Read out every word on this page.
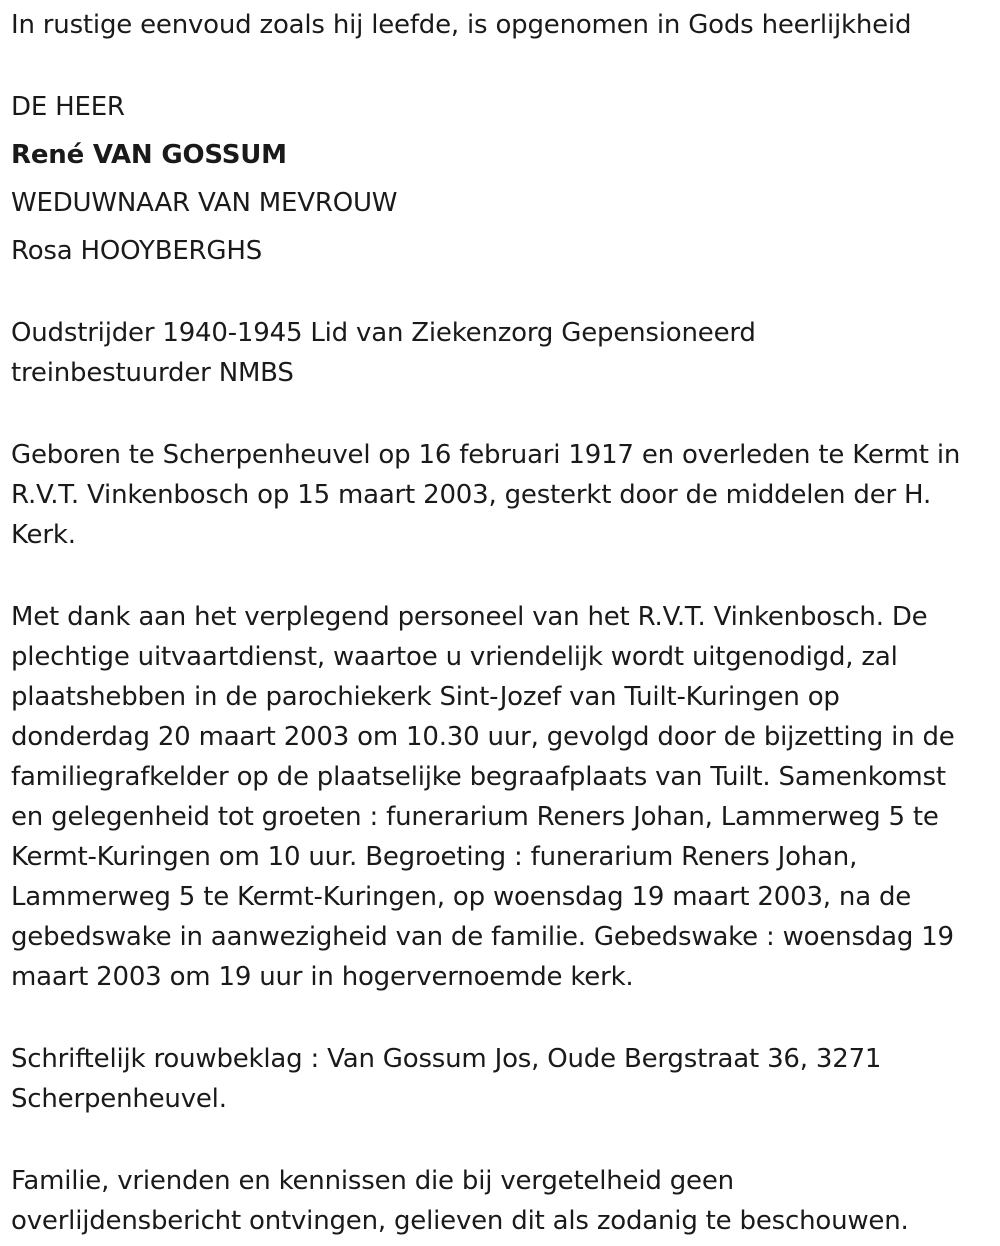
In rustige eenvoud zoals hij leefde, is opgenomen in Gods heerlijkheid

DE HEER

René VAN GOSSUM

WEDUWNAAR VAN MEVROUW

Rosa HOOYBERGHS

Oudstrijder 1940-1945 Lid van Ziekenzorg Gepensioneerd

treinbestuurder NMBS

Geboren te Scherpenheuvel op 16 februari 1917 en overleden te Kermt in

R.V.T. Vinkenbosch op 15 maart 2003, gesterkt door de middelen der H.

Kerk.

Met dank aan het verplegend personeel van het R.V.T. Vinkenbosch. De

plechtige uitvaartdienst, waartoe u vriendelijk wordt uitgenodigd, zal

plaatshebben in de parochiekerk Sint-Jozef van Tuilt-Kuringen op

donderdag 20 maart 2003 om 10.30 uur, gevolgd door de bijzetting in de

familiegrafkelder op de plaatselijke begraafplaats van Tuilt. Samenkomst

en gelegenheid tot groeten : funerarium Reners Johan, Lammerweg 5 te

Kermt-Kuringen om 10 uur. Begroeting : funerarium Reners Johan,

Lammerweg 5 te Kermt-Kuringen, op woensdag 19 maart 2003, na de

gebedswake in aanwezigheid van de familie. Gebedswake : woensdag 19

maart 2003 om 19 uur in hogervernoemde kerk.

Schriftelijk rouwbeklag : Van Gossum Jos, Oude Bergstraat 36, 3271

Scherpenheuvel.

Familie, vrienden en kennissen die bij vergetelheid geen

overlijdensbericht ontvingen, gelieven dit als zodanig te beschouwen.
